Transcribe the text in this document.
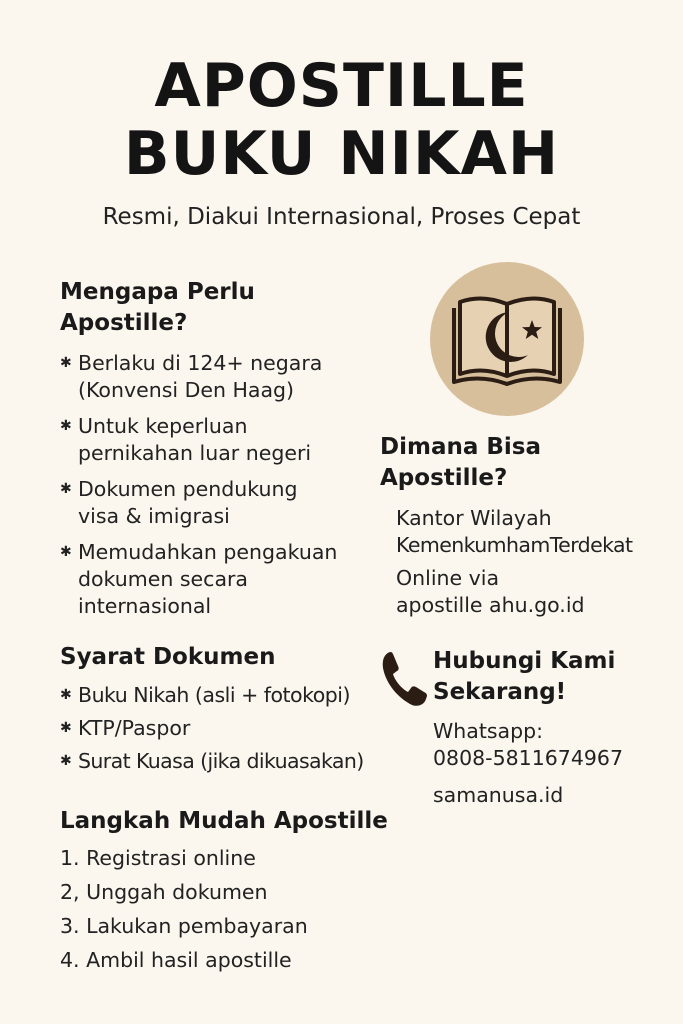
APOSTILLE
BUKU NIKAH
Resmi, Diakui Internasional, Proses Cepat
Mengapa Perlu
Apostille?
✱ Berlaku di 124+ negara
(Konvensi Den Haag)
✱ Untuk keperluan
pernikahan luar negeri
✱ Dokumen pendukung
visa & imigrasi
✱ Memudahkan pengakuan
dokumen secara
internasional
Dimana Bisa
Apostille?
Kantor Wilayah
KemenkumhamTerdekat
Online via
apostille ahu.go.id
Syarat Dokumen
✱ Buku Nikah (asli + fotokopi)
✱ KTP/Paspor
✱ Surat Kuasa (jika dikuasakan)
Hubungi Kami
Sekarang!
Whatsapp:
0808-5811674967
samanusa.id
Langkah Mudah Apostille
1. Registrasi online
2, Unggah dokumen
3. Lakukan pembayaran
4. Ambil hasil apostille
